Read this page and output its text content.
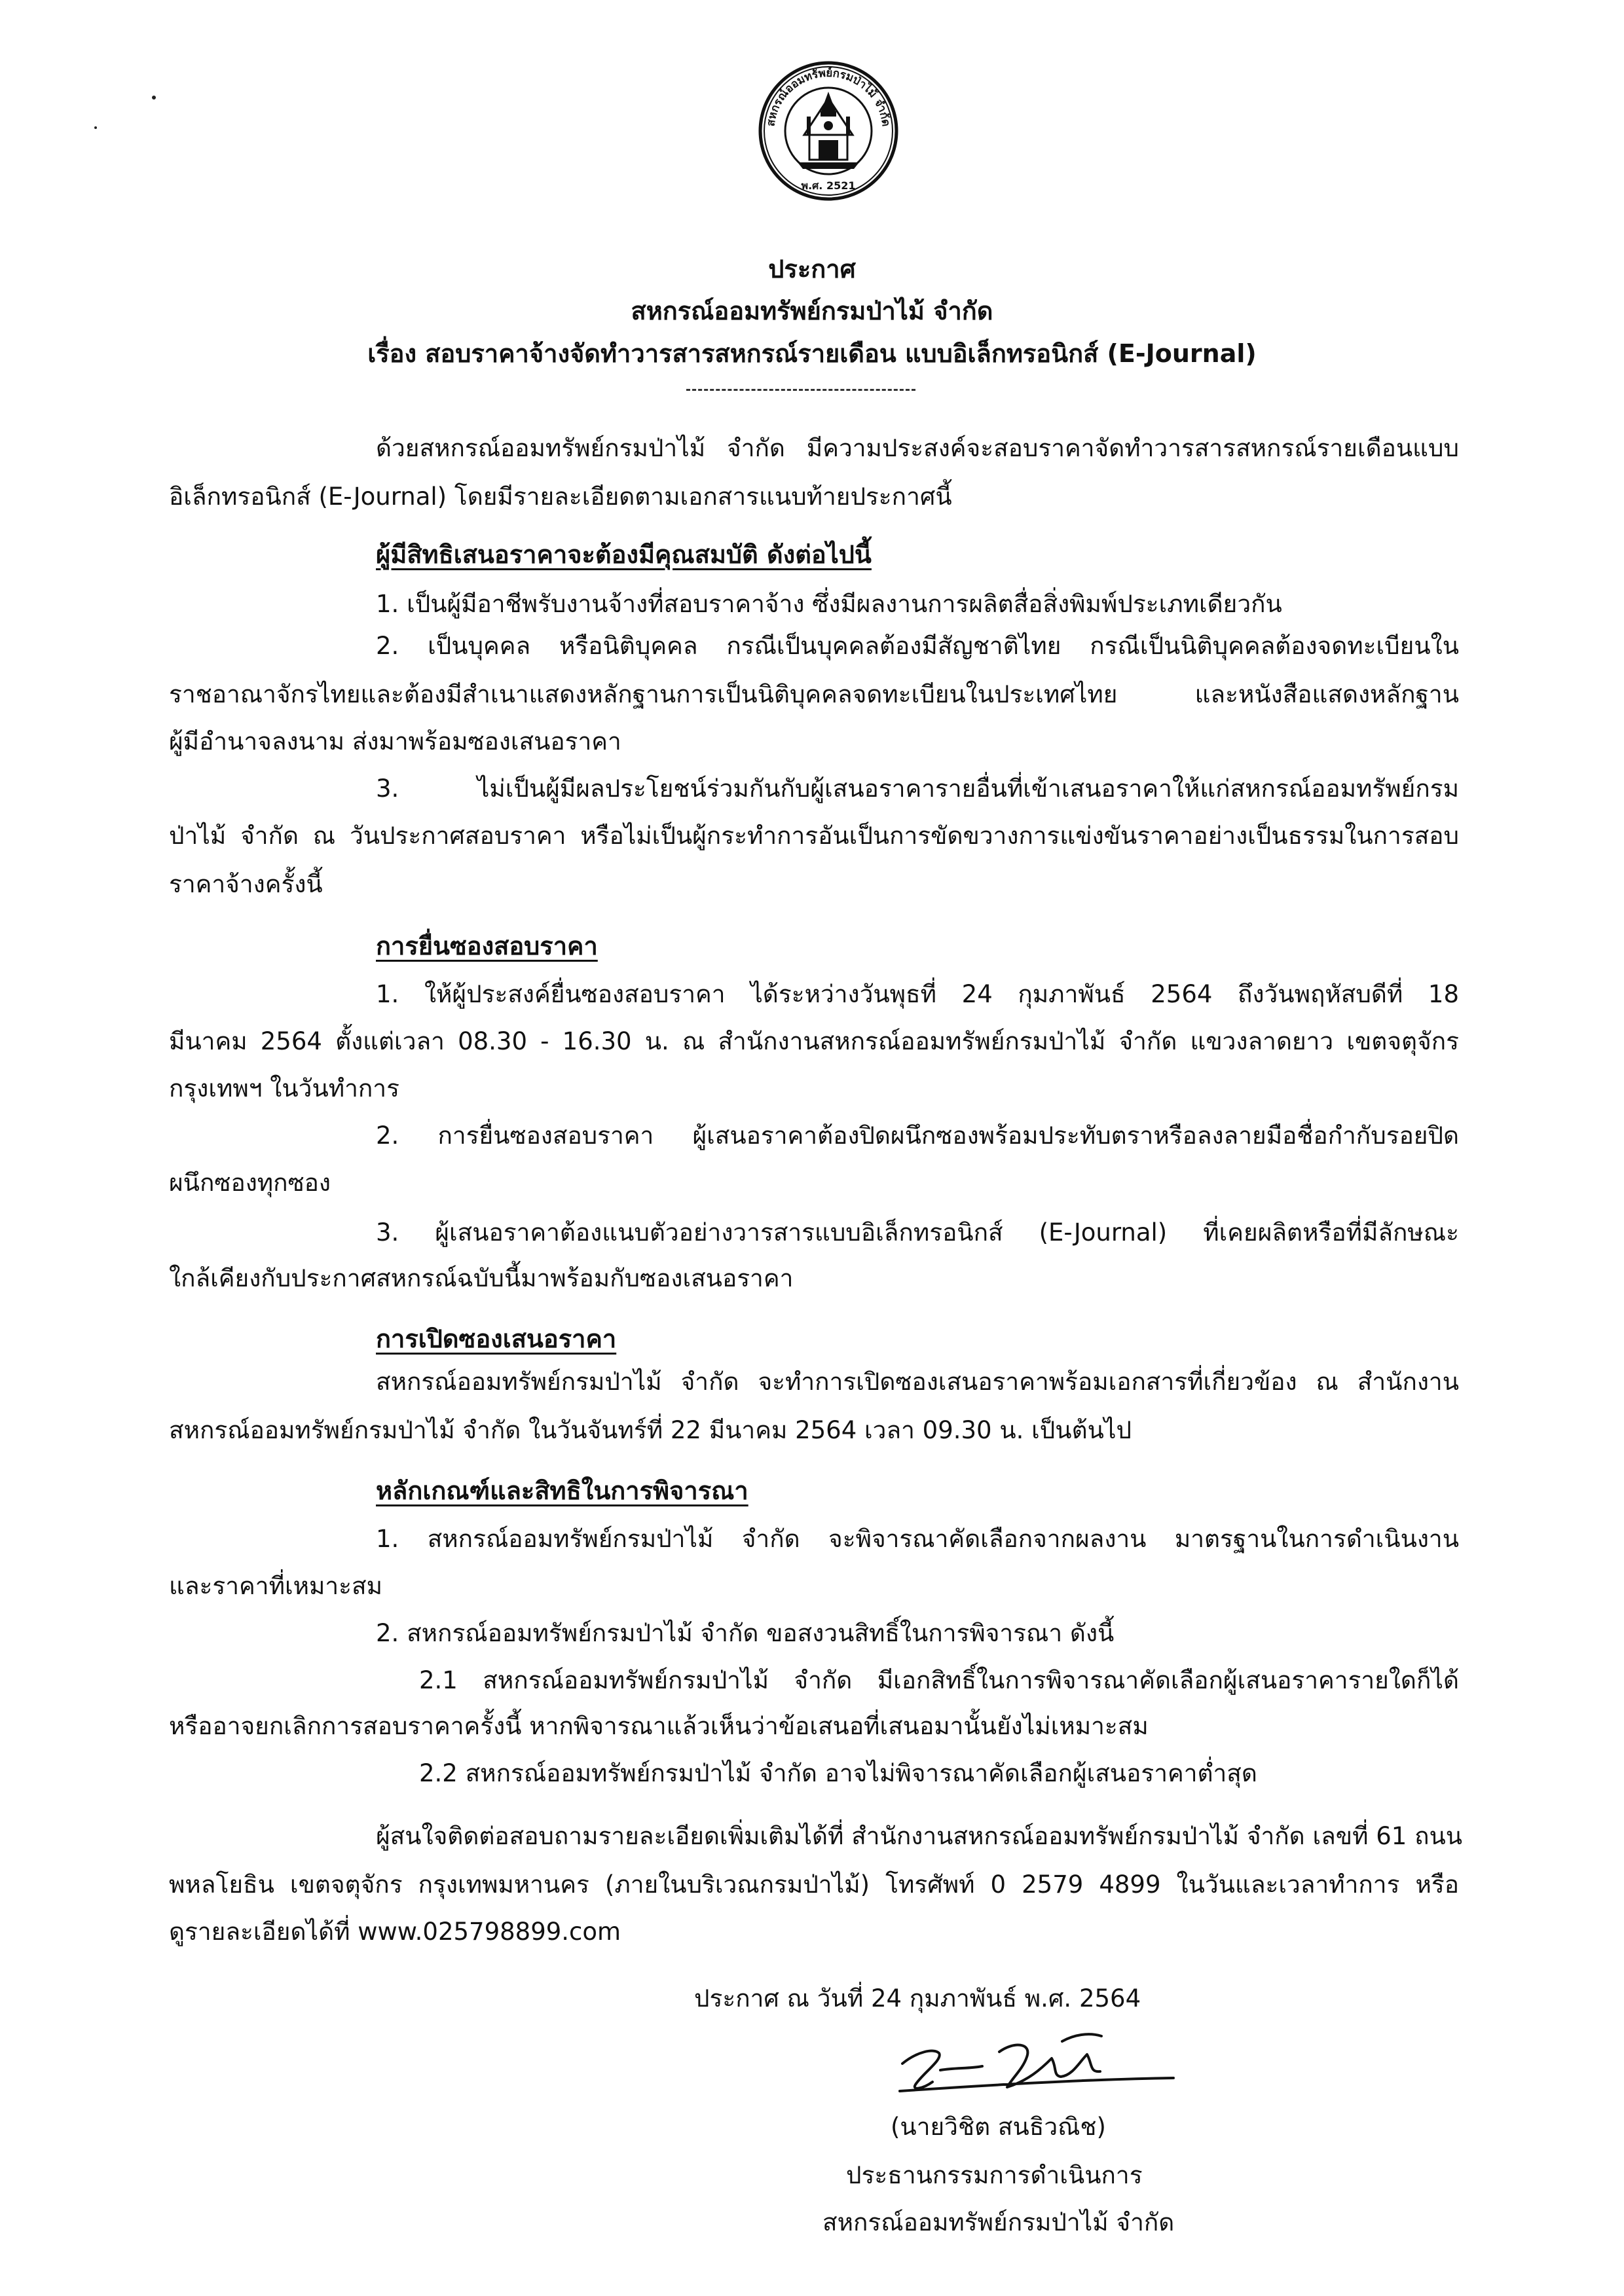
สหกรณ์ออมทรัพย์กรมป่าไม้ จำกัด
พ.ศ. 2521
ประกาศ
สหกรณ์ออมทรัพย์กรมป่าไม้ จำกัด
เรื่อง สอบราคาจ้างจัดทำวารสารสหกรณ์รายเดือน แบบอิเล็กทรอนิกส์ (E-Journal)
ด้วยสหกรณ์ออมทรัพย์กรมป่าไม้ จำกัด มีความประสงค์จะสอบราคาจัดทำวารสารสหกรณ์รายเดือนแบบ
อิเล็กทรอนิกส์ (E-Journal) โดยมีรายละเอียดตามเอกสารแนบท้ายประกาศนี้
ผู้มีสิทธิเสนอราคาจะต้องมีคุณสมบัติ ดังต่อไปนี้
1. เป็นผู้มีอาชีพรับงานจ้างที่สอบราคาจ้าง ซึ่งมีผลงานการผลิตสื่อสิ่งพิมพ์ประเภทเดียวกัน
2. เป็นบุคคล หรือนิติบุคคล กรณีเป็นบุคคลต้องมีสัญชาติไทย กรณีเป็นนิติบุคคลต้องจดทะเบียนใน
ราชอาณาจักรไทยและต้องมีสำเนาแสดงหลักฐานการเป็นนิติบุคคลจดทะเบียนในประเทศไทย และหนังสือแสดงหลักฐาน
ผู้มีอำนาจลงนาม ส่งมาพร้อมซองเสนอราคา
3. ไม่เป็นผู้มีผลประโยชน์ร่วมกันกับผู้เสนอราคารายอื่นที่เข้าเสนอราคาให้แก่สหกรณ์ออมทรัพย์กรม
ป่าไม้ จำกัด ณ วันประกาศสอบราคา หรือไม่เป็นผู้กระทำการอันเป็นการขัดขวางการแข่งขันราคาอย่างเป็นธรรมในการสอบ
ราคาจ้างครั้งนี้
การยื่นซองสอบราคา
1. ให้ผู้ประสงค์ยื่นซองสอบราคา ได้ระหว่างวันพุธที่ 24 กุมภาพันธ์ 2564 ถึงวันพฤหัสบดีที่ 18
มีนาคม 2564 ตั้งแต่เวลา 08.30 - 16.30 น. ณ สำนักงานสหกรณ์ออมทรัพย์กรมป่าไม้ จำกัด แขวงลาดยาว เขตจตุจักร
กรุงเทพฯ ในวันทำการ
2. การยื่นซองสอบราคา ผู้เสนอราคาต้องปิดผนึกซองพร้อมประทับตราหรือลงลายมือชื่อกำกับรอยปิด
ผนึกซองทุกซอง
3. ผู้เสนอราคาต้องแนบตัวอย่างวารสารแบบอิเล็กทรอนิกส์ (E-Journal) ที่เคยผลิตหรือที่มีลักษณะ
ใกล้เคียงกับประกาศสหกรณ์ฉบับนี้มาพร้อมกับซองเสนอราคา
การเปิดซองเสนอราคา
สหกรณ์ออมทรัพย์กรมป่าไม้ จำกัด จะทำการเปิดซองเสนอราคาพร้อมเอกสารที่เกี่ยวข้อง ณ สำนักงาน
สหกรณ์ออมทรัพย์กรมป่าไม้ จำกัด ในวันจันทร์ที่ 22 มีนาคม 2564 เวลา 09.30 น. เป็นต้นไป
หลักเกณฑ์และสิทธิในการพิจารณา
1. สหกรณ์ออมทรัพย์กรมป่าไม้ จำกัด จะพิจารณาคัดเลือกจากผลงาน มาตรฐานในการดำเนินงาน
และราคาที่เหมาะสม
2. สหกรณ์ออมทรัพย์กรมป่าไม้ จำกัด ขอสงวนสิทธิ์ในการพิจารณา ดังนี้
2.1 สหกรณ์ออมทรัพย์กรมป่าไม้ จำกัด มีเอกสิทธิ์ในการพิจารณาคัดเลือกผู้เสนอราคารายใดก็ได้
หรืออาจยกเลิกการสอบราคาครั้งนี้ หากพิจารณาแล้วเห็นว่าข้อเสนอที่เสนอมานั้นยังไม่เหมาะสม
2.2 สหกรณ์ออมทรัพย์กรมป่าไม้ จำกัด อาจไม่พิจารณาคัดเลือกผู้เสนอราคาต่ำสุด
ผู้สนใจติดต่อสอบถามรายละเอียดเพิ่มเติมได้ที่ สำนักงานสหกรณ์ออมทรัพย์กรมป่าไม้ จำกัด เลขที่ 61 ถนน
พหลโยธิน เขตจตุจักร กรุงเทพมหานคร (ภายในบริเวณกรมป่าไม้) โทรศัพท์ 0 2579 4899 ในวันและเวลาทำการ หรือ
ดูรายละเอียดได้ที่ www.025798899.com
ประกาศ ณ วันที่ 24 กุมภาพันธ์ พ.ศ. 2564
(นายวิชิต สนธิวณิช)
ประธานกรรมการดำเนินการ
สหกรณ์ออมทรัพย์กรมป่าไม้ จำกัด
